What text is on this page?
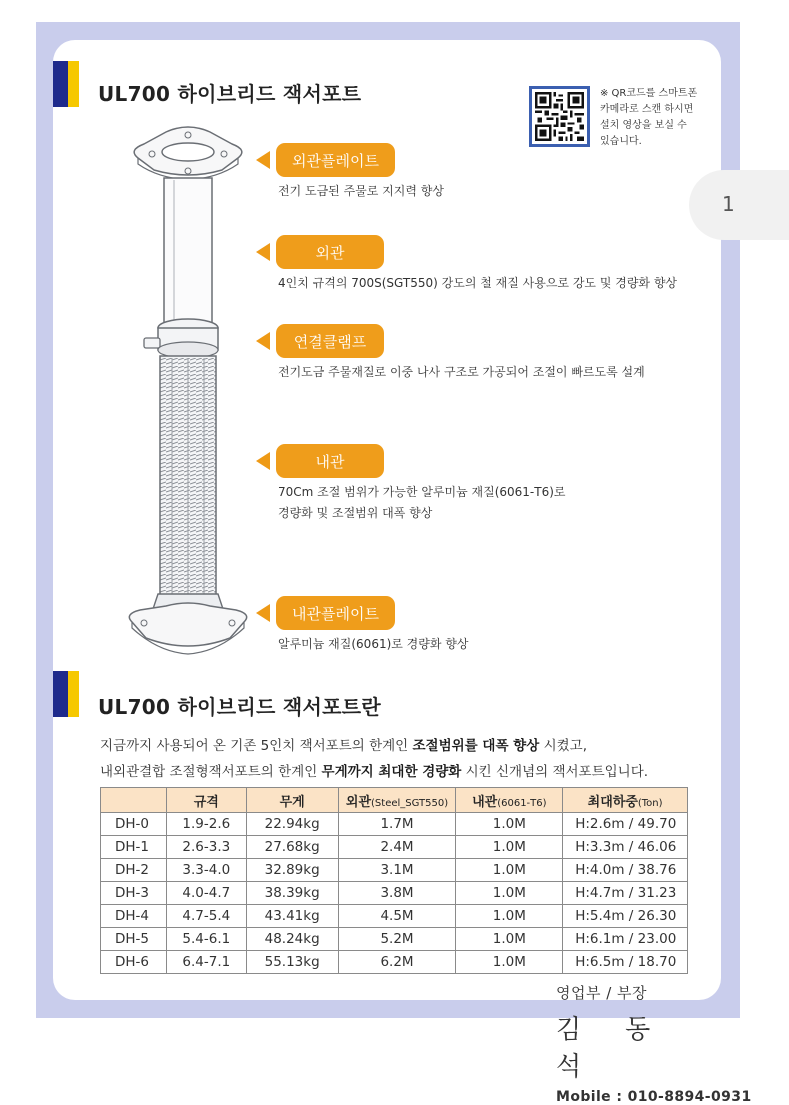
1
UL700 하이브리드 잭서포트	※ QR코드를 스마트폰
카메라로 스캔 하시면
설치 영상을 보실 수
있습니다.
외관플레이트
전기 도금된 주물로 지지력 향상
외관
4인치 규격의 700S(SGT550) 강도의 철 재질 사용으로 강도 및 경량화 향상
연결클램프
전기도금 주물재질로 이중 나사 구조로 가공되어 조절이 빠르도록 설계
내관
70Cm 조절 범위가 가능한 알루미늄 재질(6061-T6)로
경량화 및 조절범위 대폭 향상
내관플레이트
알루미늄 재질(6061)로 경량화 향상
UL700 하이브리드 잭서포트란
지금까지 사용되어 온 기존 5인치 잭서포트의 한계인 조절범위를 대폭 향상 시켰고,
내외관결합 조절형잭서포트의 한계인 무게까지 최대한 경량화 시킨 신개념의 잭서포트입니다.
	규격	무게	외관(Steel_SGT550)	내관(6061-T6)	최대하중(Ton)
DH-0	1.9-2.6	22.94kg	1.7M	1.0M	H:2.6m / 49.70
DH-1	2.6-3.3	27.68kg	2.4M	1.0M	H:3.3m / 46.06
DH-2	3.3-4.0	32.89kg	3.1M	1.0M	H:4.0m / 38.76
DH-3	4.0-4.7	38.39kg	3.8M	1.0M	H:4.7m / 31.23
DH-4	4.7-5.4	43.41kg	4.5M	1.0M	H:5.4m / 26.30
DH-5	5.4-6.1	48.24kg	5.2M	1.0M	H:6.1m / 23.00
DH-6	6.4-7.1	55.13kg	6.2M	1.0M	H:6.5m / 18.70
영업부 / 부장
김동석
Mobile : 010-8894-0931
